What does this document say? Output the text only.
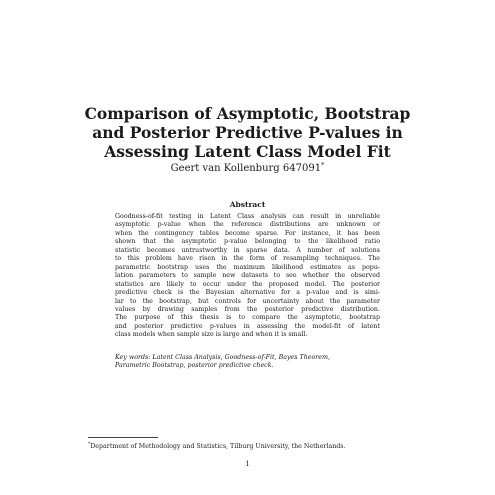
Comparison of Asymptotic, Bootstrap
and Posterior Predictive P-values in
Assessing Latent Class Model Fit

Geert van Kollenburg 647091*

Abstract

Goodness-of-fit testing in Latent Class analysis can result in unreliable
asymptotic p-value when the reference distributions are unknown or
when the contingency tables become sparse. For instance, it has been
shown that the asymptotic p-value belonging to the likelihood ratio
statistic becomes untrustworthy in sparse data. A number of solutions
to this problem have risen in the form of resampling techniques. The
parametric bootstrap uses the maximum likelihood estimates as popu-
lation parameters to sample new datasets to see whether the observed
statistics are likely to occur under the proposed model. The posterior
predictive check is the Bayesian alternative for a p-value and is simi-
lar to the bootstrap, but controls for uncertainty about the parameter
values by drawing samples from the posterior predictive distribution.
The purpose of this thesis is to compare the asymptotic, bootstrap
and posterior predictive p-values in assessing the model-fit of latent
class models when sample size is large and when it is small.
Key words: Latent Class Analysis, Goodness-of-Fit, Bayes Theorem,
Parametric Bootstrap, posterior predictive check.

*Department of Methodology and Statistics, Tilburg University, the Netherlands.

1
